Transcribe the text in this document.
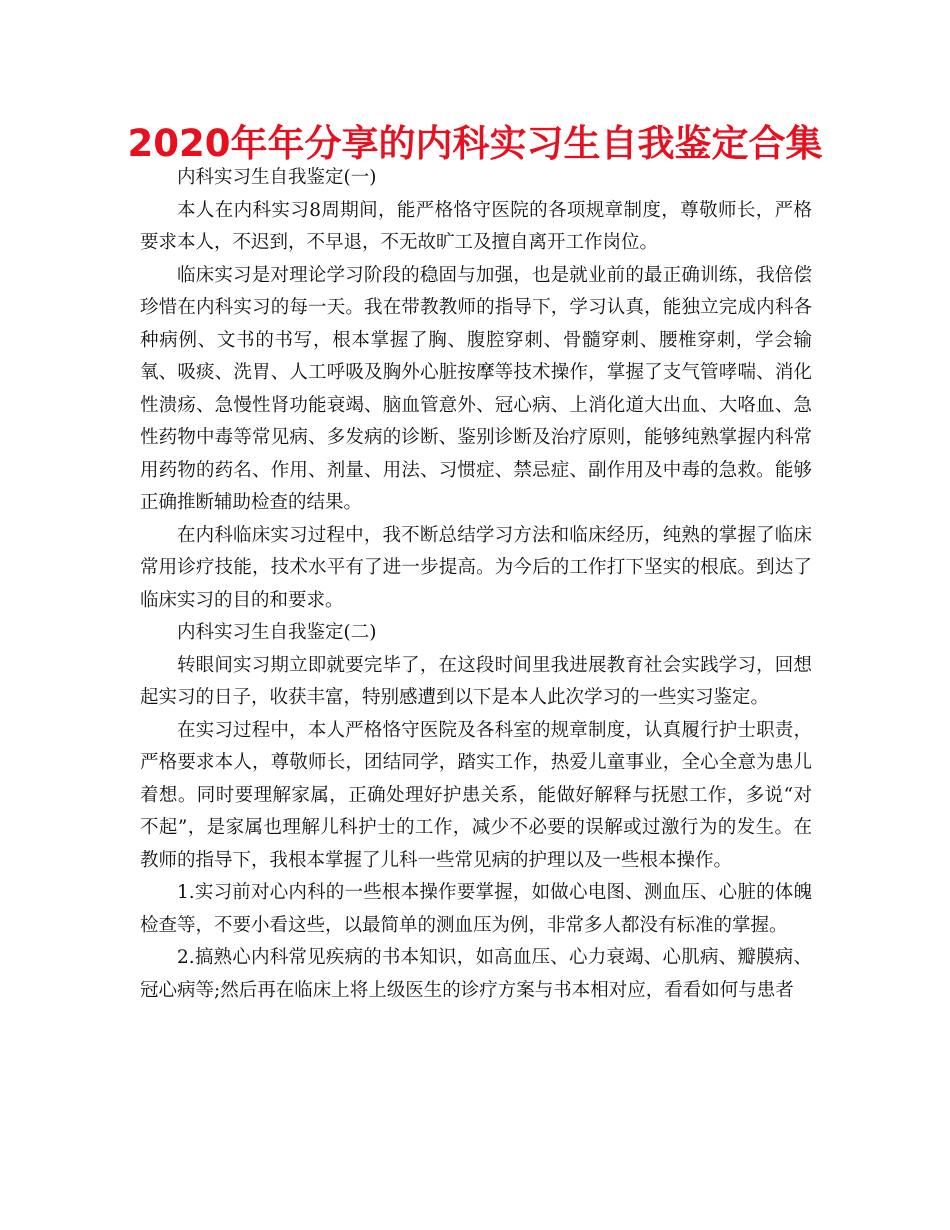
2020年年分享的内科实习生自我鉴定合集

内科实习生自我鉴定(一)

本人在内科实习8周期间，能严格恪守医院的各项规章制度，尊敬师长，严格要求本人，不迟到，不早退，不无故旷工及擅自离开工作岗位。

临床实习是对理论学习阶段的稳固与加强，也是就业前的最正确训练，我倍偿珍惜在内科实习的每一天。我在带教教师的指导下，学习认真，能独立完成内科各种病例、文书的书写，根本掌握了胸、腹腔穿刺、骨髓穿刺、腰椎穿刺，学会输氧、吸痰、洗胃、人工呼吸及胸外心脏按摩等技术操作，掌握了支气管哮喘、消化性溃疡、急慢性肾功能衰竭、脑血管意外、冠心病、上消化道大出血、大咯血、急性药物中毒等常见病、多发病的诊断、鉴别诊断及治疗原则，能够纯熟掌握内科常用药物的药名、作用、剂量、用法、习惯症、禁忌症、副作用及中毒的急救。能够正确推断辅助检查的结果。

在内科临床实习过程中，我不断总结学习方法和临床经历，纯熟的掌握了临床常用诊疗技能，技术水平有了进一步提高。为今后的工作打下坚实的根底。到达了临床实习的目的和要求。

内科实习生自我鉴定(二)

转眼间实习期立即就要完毕了，在这段时间里我进展教育社会实践学习，回想起实习的日子，收获丰富，特别感遭到以下是本人此次学习的一些实习鉴定。

在实习过程中，本人严格恪守医院及各科室的规章制度，认真履行护士职责，严格要求本人，尊敬师长，团结同学，踏实工作，热爱儿童事业，全心全意为患儿着想。同时要理解家属，正确处理好护患关系，能做好解释与抚慰工作，多说“对不起”，是家属也理解儿科护士的工作，减少不必要的误解或过激行为的发生。在教师的指导下，我根本掌握了儿科一些常见病的护理以及一些根本操作。

1.实习前对心内科的一些根本操作要掌握，如做心电图、测血压、心脏的体魄检查等，不要小看这些，以最简单的测血压为例，非常多人都没有标准的掌握。

2.搞熟心内科常见疾病的书本知识，如高血压、心力衰竭、心肌病、瓣膜病、冠心病等;然后再在临床上将上级医生的诊疗方案与书本相对应，看看如何与患者
